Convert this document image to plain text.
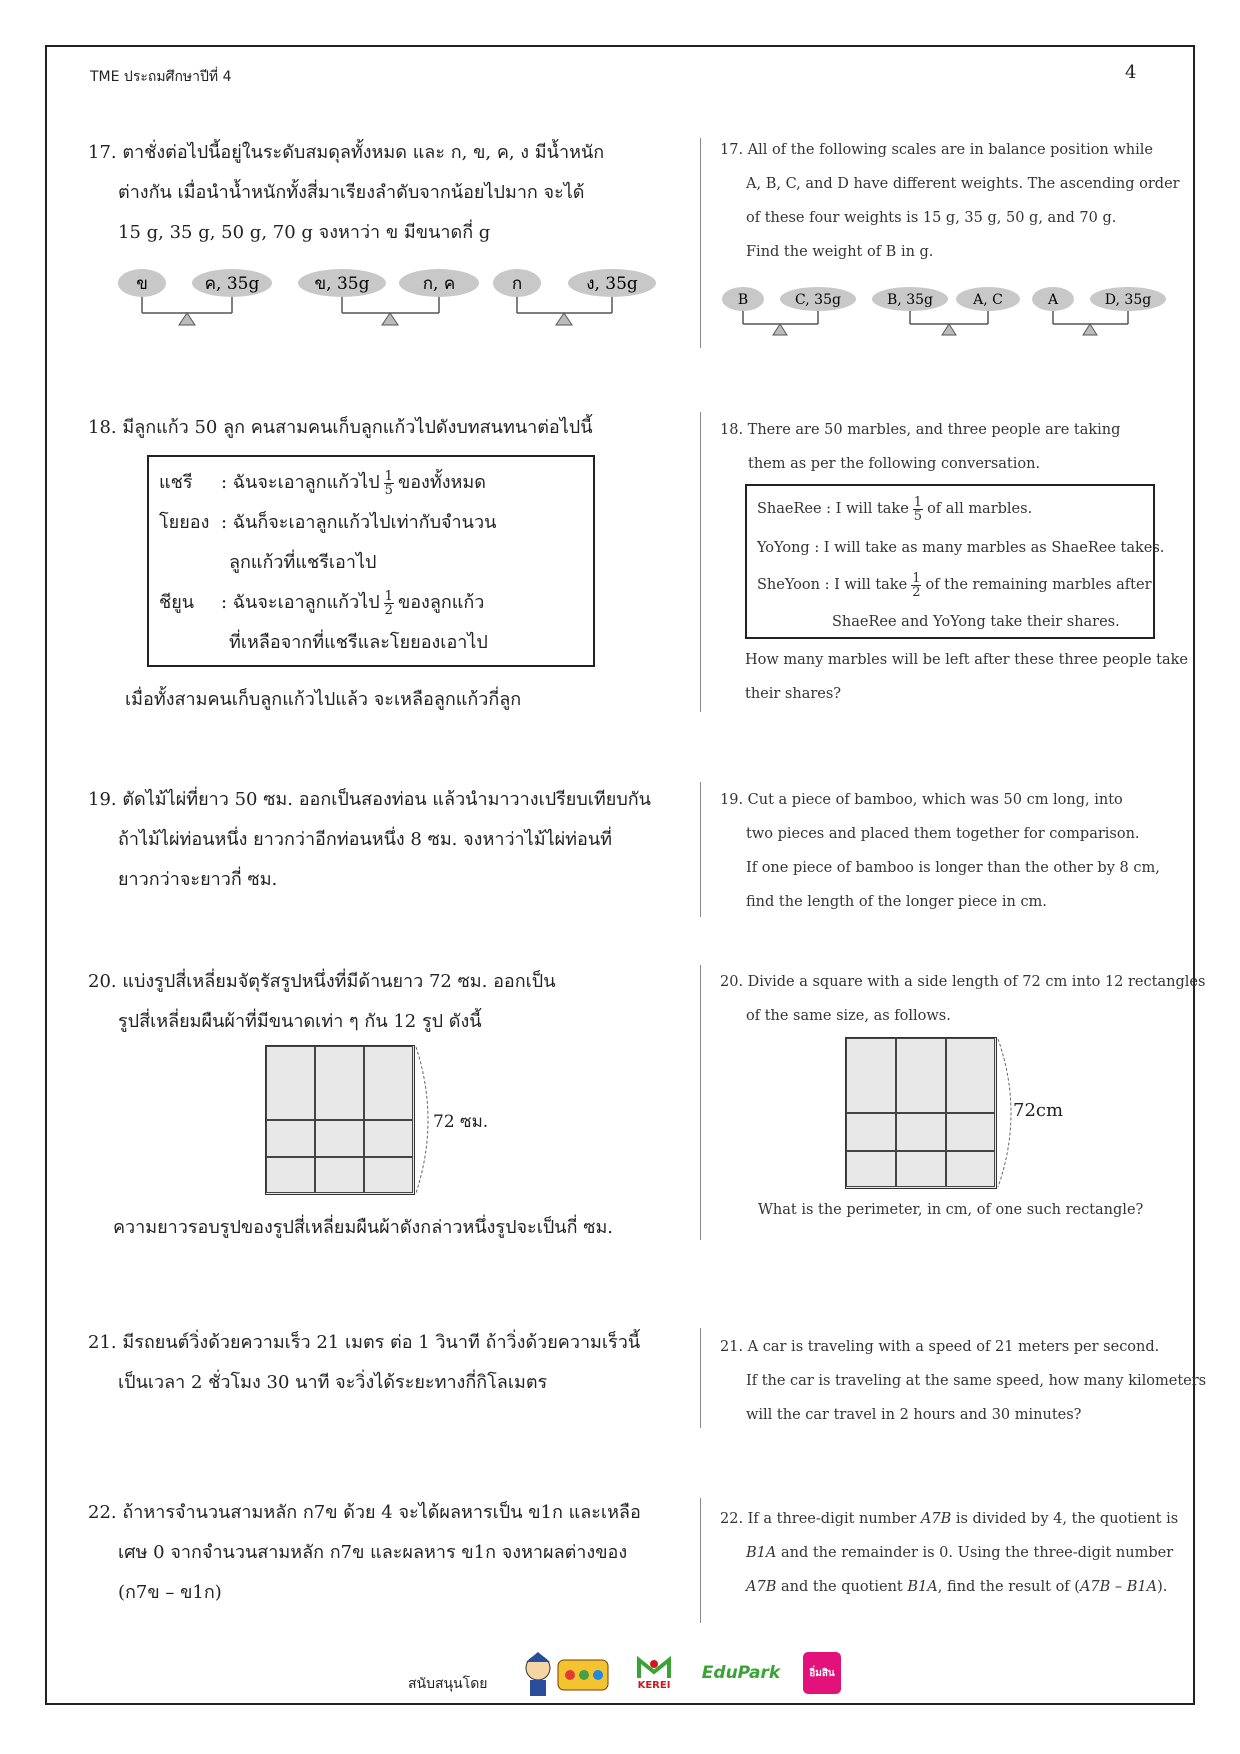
TME ประถมศึกษาปีที่ 4	4
17. ตาชั่งต่อไปนี้อยู่ในระดับสมดุลทั้งหมด และ ก, ข, ค, ง มีน้ำหนัก
ต่างกัน เมื่อนำน้ำหนักทั้งสี่มาเรียงลำดับจากน้อยไปมาก จะได้
15 g, 35 g, 50 g, 70 g จงหาว่า ข มีขนาดกี่ g
ข	ค, 35g	ข, 35g	ก, ค	ก	ง, 35g
17. All of the following scales are in balance position while
A, B, C, and D have different weights. The ascending order
of these four weights is 15 g, 35 g, 50 g, and 70 g.
Find the weight of B in g.
B	C, 35g	B, 35g	A, C	A	D, 35g
18. มีลูกแก้ว 50 ลูก คนสามคนเก็บลูกแก้วไปดังบทสนทนาต่อไปนี้
แชรี : ฉันจะเอาลูกแก้วไป $\frac{1}{5}$ ของทั้งหมด
โยยอง : ฉันก็จะเอาลูกแก้วไปเท่ากับจำนวน
ลูกแก้วที่แชรีเอาไป
ชียูน : ฉันจะเอาลูกแก้วไป $\frac{1}{2}$ ของลูกแก้ว
ที่เหลือจากที่แชรีและโยยองเอาไป
เมื่อทั้งสามคนเก็บลูกแก้วไปแล้ว จะเหลือลูกแก้วกี่ลูก
18. There are 50 marbles, and three people are taking
them as per the following conversation.
ShaeRee : I will take $\frac{1}{5}$ of all marbles.
YoYong : I will take as many marbles as ShaeRee takes.
SheYoon : I will take $\frac{1}{2}$ of the remaining marbles after
ShaeRee and YoYong take their shares.
How many marbles will be left after these three people take
their shares?
19. ตัดไม้ไผ่ที่ยาว 50 ซม. ออกเป็นสองท่อน แล้วนำมาวางเปรียบเทียบกัน
ถ้าไม้ไผ่ท่อนหนึ่ง ยาวกว่าอีกท่อนหนึ่ง 8 ซม. จงหาว่าไม้ไผ่ท่อนที่
ยาวกว่าจะยาวกี่ ซม.
19. Cut a piece of bamboo, which was 50 cm long, into
two pieces and placed them together for comparison.
If one piece of bamboo is longer than the other by 8 cm,
find the length of the longer piece in cm.
20. แบ่งรูปสี่เหลี่ยมจัตุรัสรูปหนึ่งที่มีด้านยาว 72 ซม. ออกเป็น
รูปสี่เหลี่ยมผืนผ้าที่มีขนาดเท่า ๆ กัน 12 รูป ดังนี้
72 ซม.
ความยาวรอบรูปของรูปสี่เหลี่ยมผืนผ้าดังกล่าวหนึ่งรูปจะเป็นกี่ ซม.
20. Divide a square with a side length of 72 cm into 12 rectangles
of the same size, as follows.
72cm
What is the perimeter, in cm, of one such rectangle?
21. มีรถยนต์วิ่งด้วยความเร็ว 21 เมตร ต่อ 1 วินาที ถ้าวิ่งด้วยความเร็วนี้
เป็นเวลา 2 ชั่วโมง 30 นาที จะวิ่งได้ระยะทางกี่กิโลเมตร
21. A car is traveling with a speed of 21 meters per second.
If the car is traveling at the same speed, how many kilometers
will the car travel in 2 hours and 30 minutes?
22. ถ้าหารจำนวนสามหลัก ก7ข ด้วย 4 จะได้ผลหารเป็น ข1ก และเหลือ
เศษ 0 จากจำนวนสามหลัก ก7ข และผลหาร ข1ก จงหาผลต่างของ
(ก7ข – ข1ก)
22. If a three-digit number A7B is divided by 4, the quotient is
B1A and the remainder is 0. Using the three-digit number
A7B and the quotient B1A, find the result of (A7B – B1A).
สนับสนุนโดย	KEREI
EduPark	อิ่มสิน
